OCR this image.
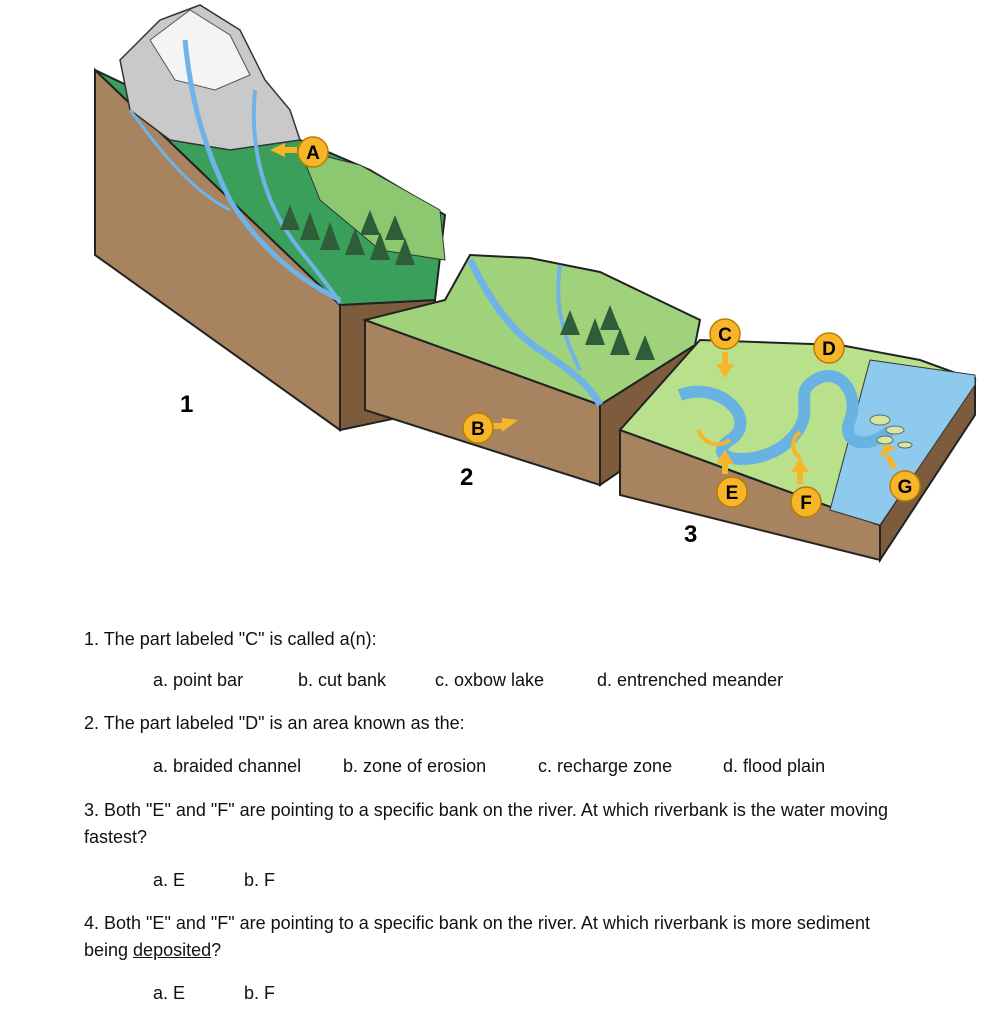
1
2
3
A
B
C
D
E	F
G
1. The part labeled "C" is called a(n):
a. point bar	b. cut bank	c. oxbow lake	d. entrenched meander
2. The part labeled "D" is an area known as the:
a. braided channel b. zone of erosion	c. recharge zone	d. flood plain
3. Both "E" and "F" are pointing to a specific bank on the river. At which riverbank is the water moving
fastest?
a. E	b. F
4. Both "E" and "F" are pointing to a specific bank on the river. At which riverbank is more sediment
being deposited?
a. E	b. F
